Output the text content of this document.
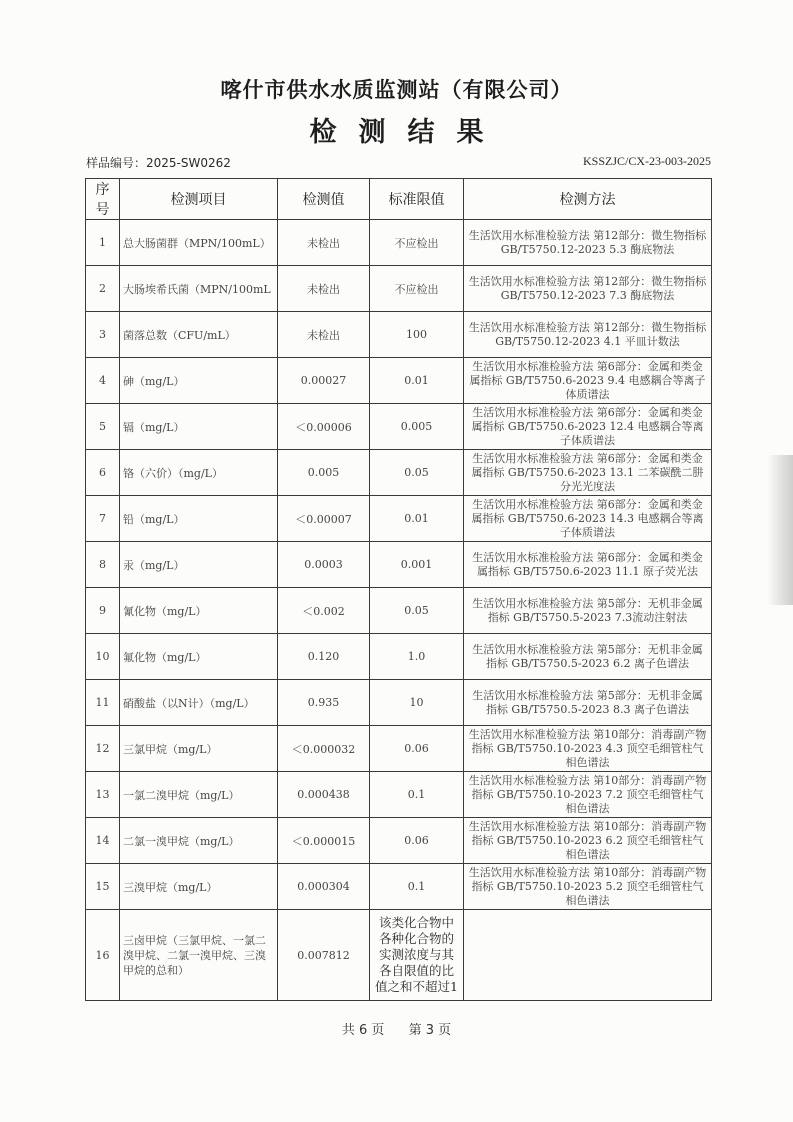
喀什市供水水质监测站（有限公司）
检测结果
样品编号：2025-SW0262	KSSZJC/CX-23-003-2025
序号	检测项目	检测值	标准限值	检测方法
1	总大肠菌群（MPN/100mL）	未检出	不应检出	生活饮用水标准检验方法 第12部分：微生物指标 GB/T5750.12-2023 5.3 酶底物法
2	大肠埃希氏菌（MPN/100mL	未检出	不应检出	生活饮用水标准检验方法 第12部分：微生物指标 GB/T5750.12-2023 7.3 酶底物法
3	菌落总数（CFU/mL）	未检出	100	生活饮用水标准检验方法 第12部分：微生物指标GB/T5750.12-2023 4.1 平皿计数法
4	砷（mg/L）	0.00027	0.01	生活饮用水标准检验方法 第6部分：金属和类金属指标 GB/T5750.6-2023 9.4 电感耦合等离子体质谱法
5	镉（mg/L）	＜0.00006	0.005	生活饮用水标准检验方法 第6部分：金属和类金属指标 GB/T5750.6-2023 12.4 电感耦合等离子体质谱法
6	铬（六价）（mg/L）	0.005	0.05	生活饮用水标准检验方法 第6部分：金属和类金属指标 GB/T5750.6-2023 13.1 二苯碳酰二肼分光光度法
7	铅（mg/L）	＜0.00007	0.01	生活饮用水标准检验方法 第6部分：金属和类金属指标 GB/T5750.6-2023 14.3 电感耦合等离子体质谱法
8	汞（mg/L）	0.0003	0.001	生活饮用水标准检验方法 第6部分：金属和类金属指标 GB/T5750.6-2023 11.1 原子荧光法
9	氰化物（mg/L）	＜0.002	0.05	生活饮用水标准检验方法 第5部分：无机非金属指标 GB/T5750.5-2023 7.3流动注射法
10	氟化物（mg/L）	0.120	1.0	生活饮用水标准检验方法 第5部分：无机非金属指标 GB/T5750.5-2023 6.2 离子色谱法
11	硝酸盐（以N计）（mg/L）	0.935	10	生活饮用水标准检验方法 第5部分：无机非金属指标 GB/T5750.5-2023 8.3 离子色谱法
12	三氯甲烷（mg/L）	＜0.000032	0.06	生活饮用水标准检验方法 第10部分：消毒副产物指标 GB/T5750.10-2023 4.3 顶空毛细管柱气相色谱法
13	一氯二溴甲烷（mg/L）	0.000438	0.1	生活饮用水标准检验方法 第10部分：消毒副产物指标 GB/T5750.10-2023 7.2 顶空毛细管柱气相色谱法
14	二氯一溴甲烷（mg/L）	＜0.000015	0.06	生活饮用水标准检验方法 第10部分：消毒副产物指标 GB/T5750.10-2023 6.2 顶空毛细管柱气相色谱法
15	三溴甲烷（mg/L）	0.000304	0.1	生活饮用水标准检验方法 第10部分：消毒副产物指标 GB/T5750.10-2023 5.2 顶空毛细管柱气相色谱法
16	三卤甲烷（三氯甲烷、一氯二溴甲烷、二氯一溴甲烷、三溴甲烷的总和）	0.007812	该类化合物中各种化合物的实测浓度与其各自限值的比值之和不超过1	
共 6 页 第 3 页
